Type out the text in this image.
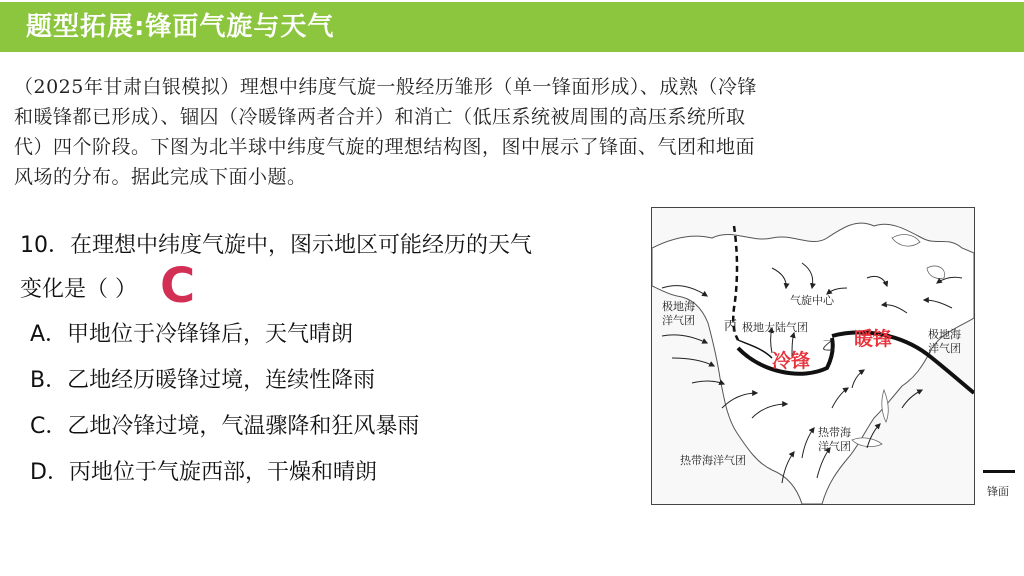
题型拓展:锋面气旋与天气
（2025年甘肃白银模拟）理想中纬度气旋一般经历雏形（单一锋面形成）、成熟（冷锋
和暖锋都已形成）、锢囚（冷暖锋两者合并）和消亡（低压系统被周围的高压系统所取
代）四个阶段。下图为北半球中纬度气旋的理想结构图，图中展示了锋面、气团和地面
风场的分布。据此完成下面小题。
10．在理想中纬度气旋中，图示地区可能经历的天气
变化是（ ） C
A．甲地位于冷锋锋后，天气晴朗
B．乙地经历暖锋过境，连续性降雨
C．乙地冷锋过境，气温骤降和狂风暴雨
D．丙地位于气旋西部，干燥和晴朗
极地海
洋气团 丙 极地大陆气团
气旋中心
乙
极地海
洋气团
热带海
洋气团
热带海洋气团
冷锋
暖锋
锋面
